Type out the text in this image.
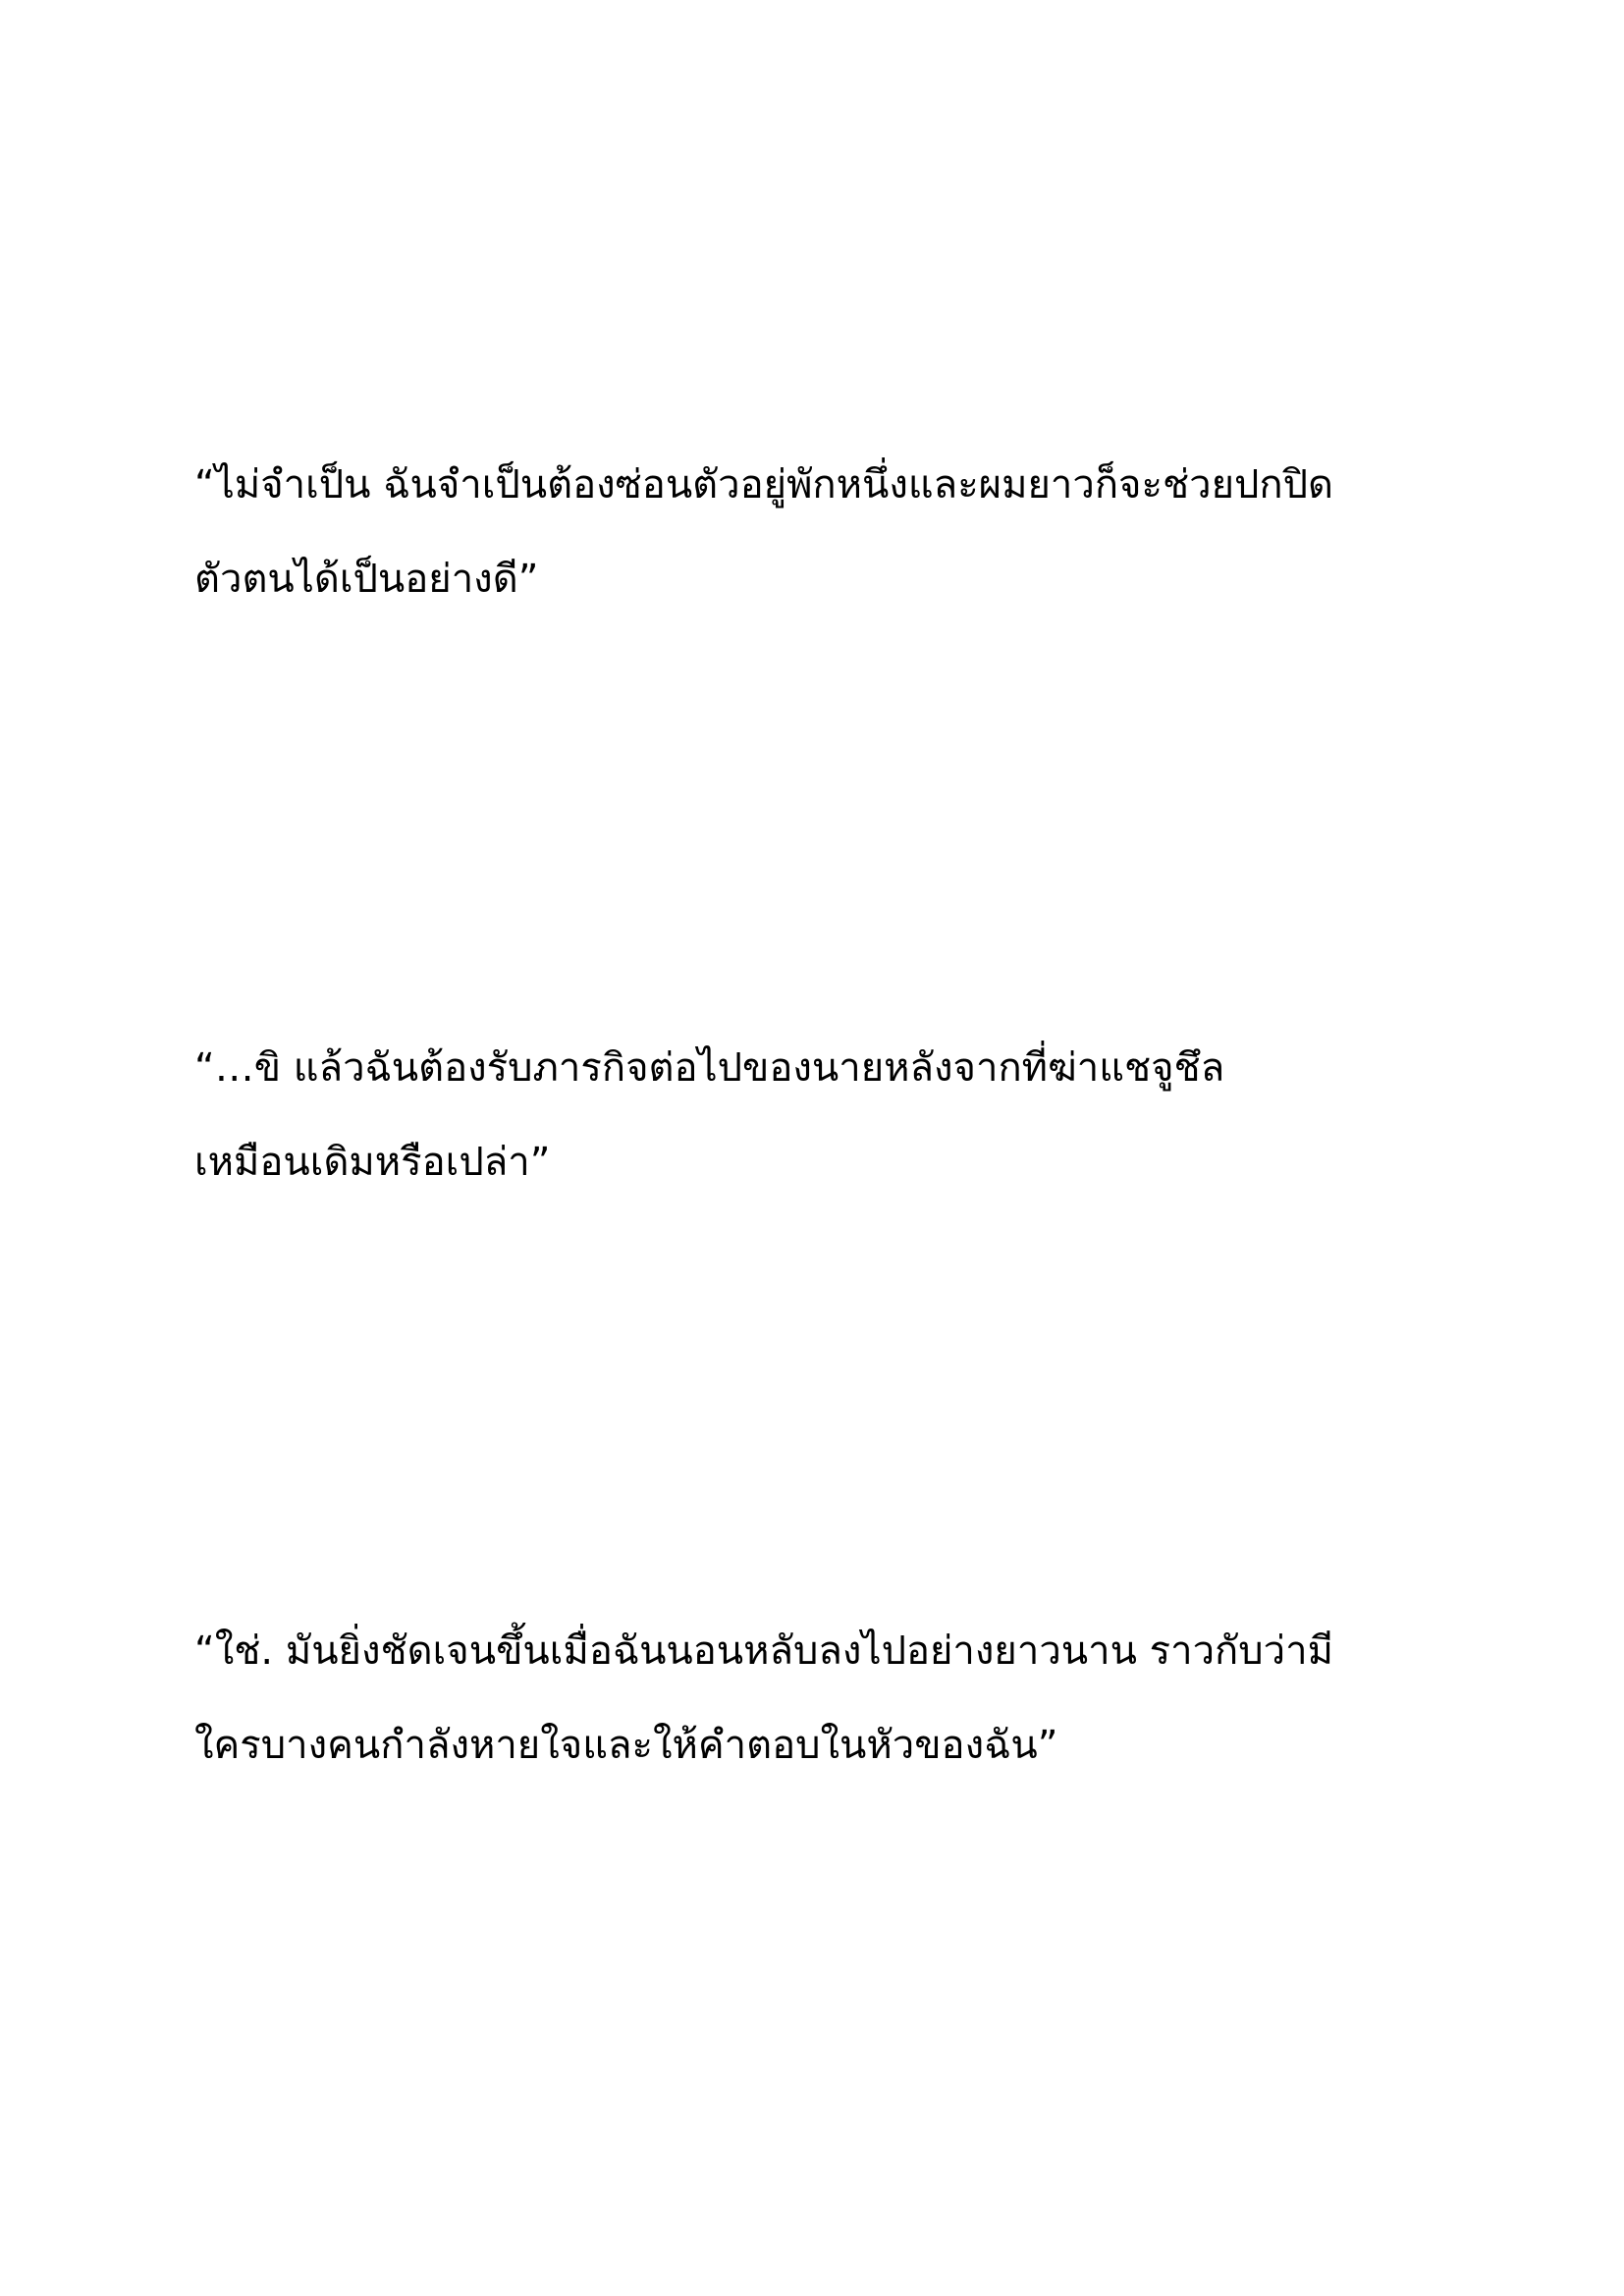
“ไม่จำเป็น ฉันจำเป็นต้องซ่อนตัวอยู่พักหนึ่งและผมยาวก็จะช่วยปกปิด
ตัวตนได้เป็นอย่างดี”
“…ขิ แล้วฉันต้องรับภารกิจต่อไปของนายหลังจากที่ฆ่าแชจูชึล
เหมือนเดิมหรือเปล่า”
“ใช่. มันยิ่งชัดเจนขึ้นเมื่อฉันนอนหลับลงไปอย่างยาวนาน ราวกับว่ามี
ใครบางคนกำลังหายใจและให้คำตอบในหัวของฉัน”
